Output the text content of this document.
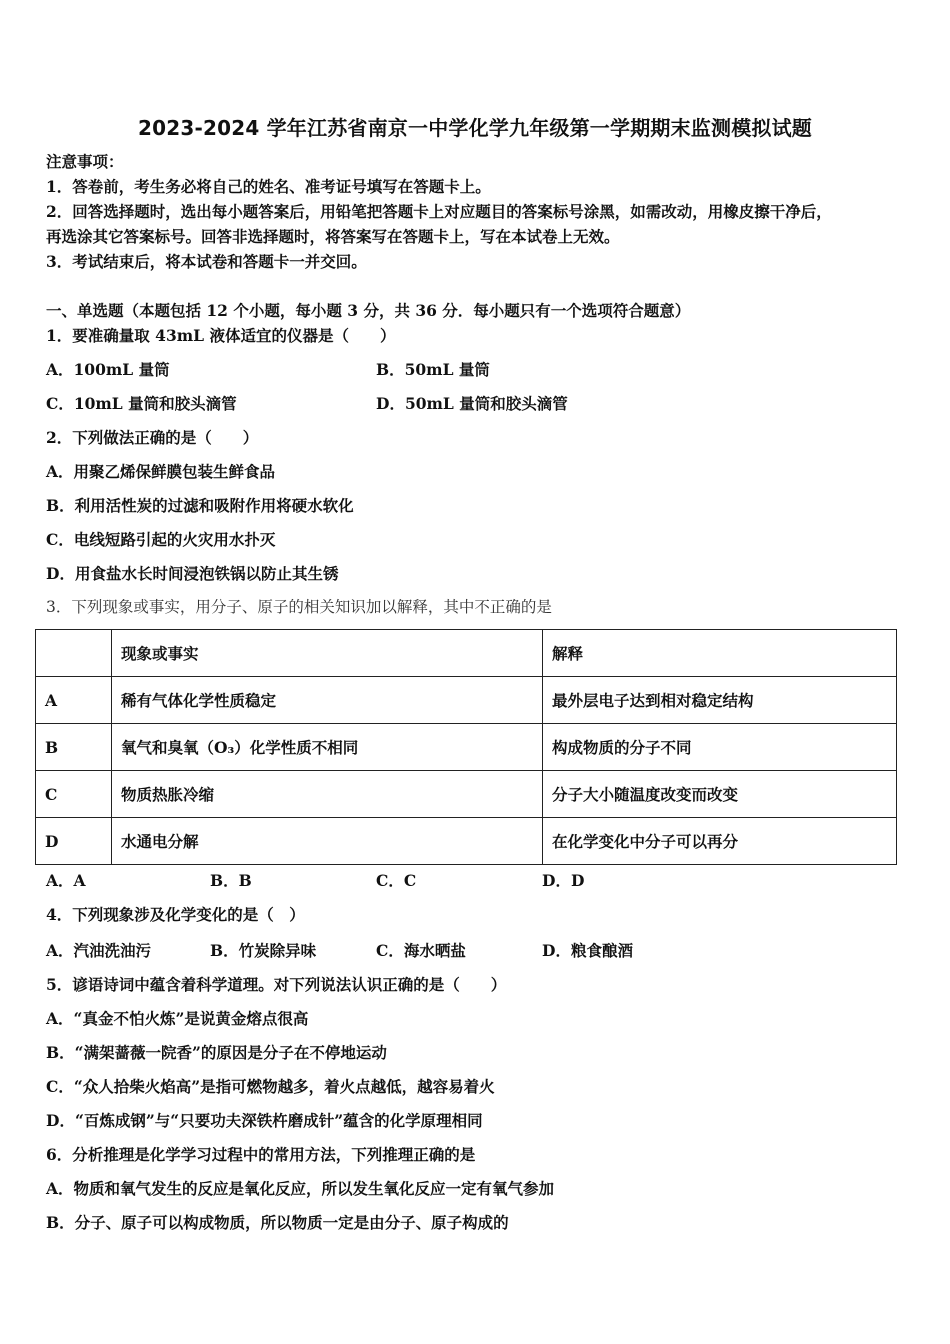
2023-2024 学年江苏省南京一中学化学九年级第一学期期末监测模拟试题
注意事项：
1．答卷前，考生务必将自己的姓名、准考证号填写在答题卡上。
2．回答选择题时，选出每小题答案后，用铅笔把答题卡上对应题目的答案标号涂黑，如需改动，用橡皮擦干净后，
再选涂其它答案标号。回答非选择题时，将答案写在答题卡上，写在本试卷上无效。
3．考试结束后，将本试卷和答题卡一并交回。
一、单选题（本题包括 12 个小题，每小题 3 分，共 36 分．每小题只有一个选项符合题意）
1．要准确量取 43mL 液体适宜的仪器是（　　）
A．100mL 量筒	B．50mL 量筒
C．10mL 量筒和胶头滴管	D．50mL 量筒和胶头滴管
2．下列做法正确的是（　　）
A．用聚乙烯保鲜膜包装生鲜食品
B．利用活性炭的过滤和吸附作用将硬水软化
C．电线短路引起的火灾用水扑灭
D．用食盐水长时间浸泡铁锅以防止其生锈
3．下列现象或事实，用分子、原子的相关知识加以解释，其中不正确的是
	现象或事实	解释
A	稀有气体化学性质稳定	最外层电子达到相对稳定结构
B	氧气和臭氧（O₃）化学性质不相同	构成物质的分子不同
C	物质热胀冷缩	分子大小随温度改变而改变
D	水通电分解	在化学变化中分子可以再分
A．A	B．B	C．C	D．D
4．下列现象涉及化学变化的是（　）
A．汽油洗油污	B．竹炭除异味	C．海水晒盐	D．粮食酿酒
5．谚语诗词中蕴含着科学道理。对下列说法认识正确的是（　　）
A．“真金不怕火炼”是说黄金熔点很高
B．“满架蔷薇一院香”的原因是分子在不停地运动
C．“众人拾柴火焰高”是指可燃物越多，着火点越低，越容易着火
D．“百炼成钢”与“只要功夫深铁杵磨成针”蕴含的化学原理相同
6．分析推理是化学学习过程中的常用方法，下列推理正确的是
A．物质和氧气发生的反应是氧化反应，所以发生氧化反应一定有氧气参加
B．分子、原子可以构成物质，所以物质一定是由分子、原子构成的
